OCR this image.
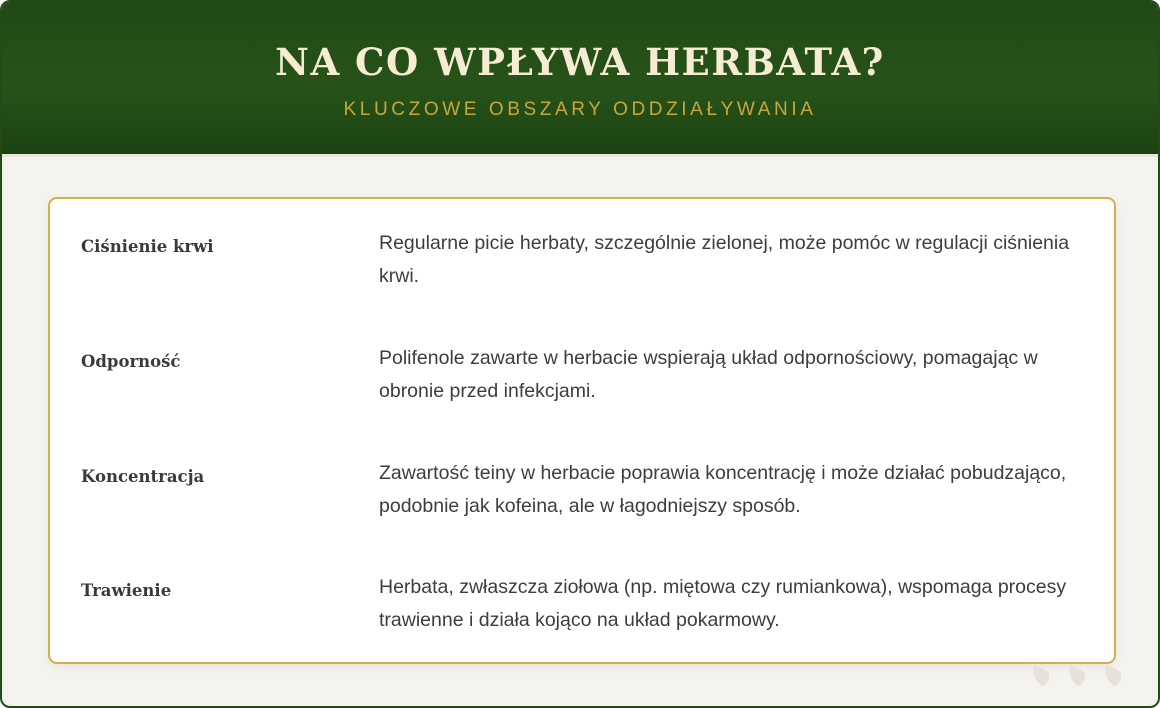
NA CO WPŁYWA HERBATA?
KLUCZOWE OBSZARY ODDZIAŁYWANIA
Ciśnienie krwi	Regularne picie herbaty, szczególnie zielonej, może pomóc w regulacji ciśnienia krwi.
Odporność	Polifenole zawarte w herbacie wspierają układ odpornościowy, pomagając w obronie przed infekcjami.
Koncentracja	Zawartość teiny w herbacie poprawia koncentrację i może działać pobudzająco, podobnie jak kofeina, ale w łagodniejszy sposób.
Trawienie	Herbata, zwłaszcza ziołowa (np. miętowa czy rumiankowa), wspomaga procesy trawienne i działa kojąco na układ pokarmowy.
